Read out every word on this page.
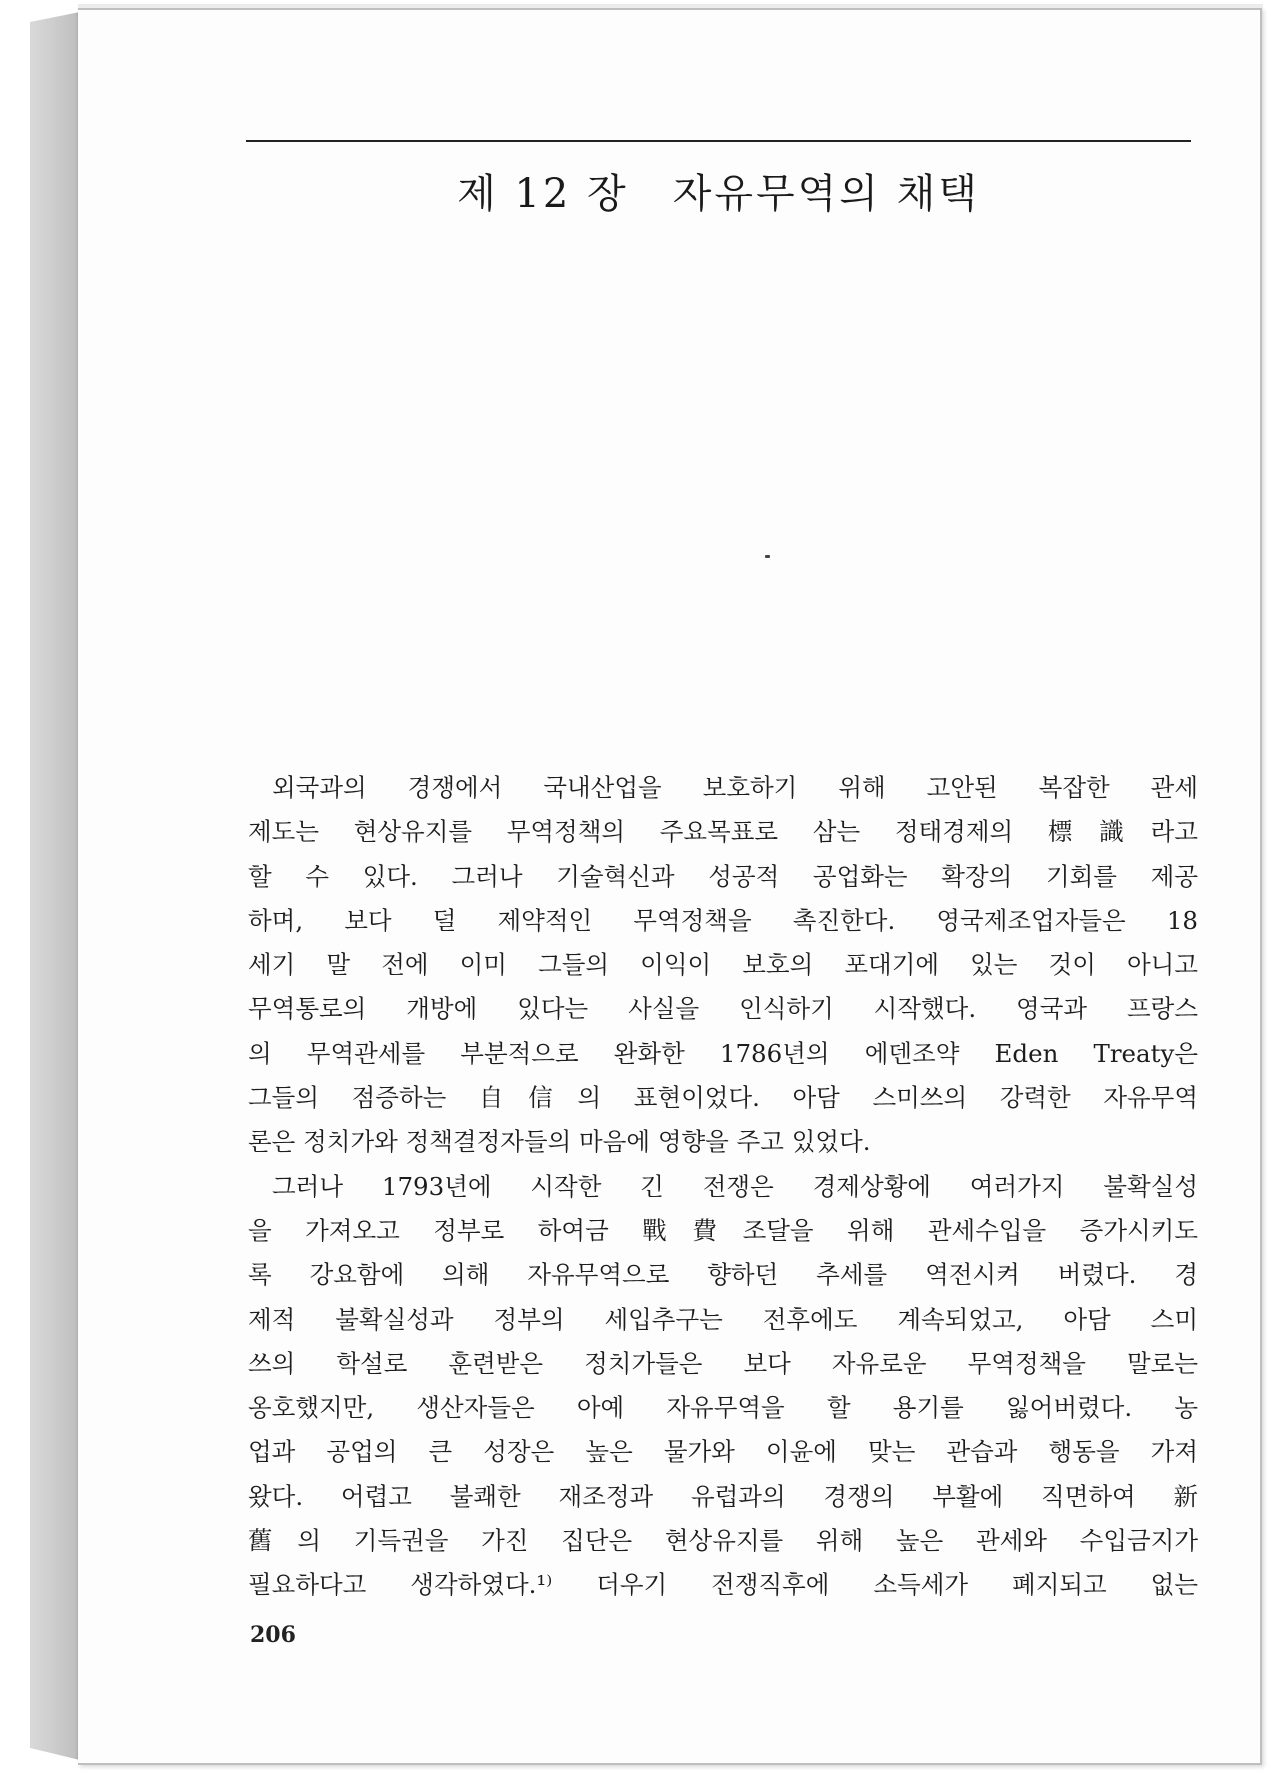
제 12 장 자유무역의 채택
외국과의 경쟁에서 국내산업을 보호하기 위해 고안된 복잡한 관세
제도는 현상유지를 무역정책의 주요목표로 삼는 정태경제의 標識라고
할 수 있다. 그러나 기술혁신과 성공적 공업화는 확장의 기회를 제공
하며, 보다 덜 제약적인 무역정책을 촉진한다. 영국제조업자들은 18
세기 말 전에 이미 그들의 이익이 보호의 포대기에 있는 것이 아니고
무역통로의 개방에 있다는 사실을 인식하기 시작했다. 영국과 프랑스
의 무역관세를 부분적으로 완화한 1786년의 에덴조약 Eden Treaty은
그들의 점증하는 自信의 표현이었다. 아담 스미쓰의 강력한 자유무역
론은 정치가와 정책결정자들의 마음에 영향을 주고 있었다.
그러나 1793년에 시작한 긴 전쟁은 경제상황에 여러가지 불확실성
을 가져오고 정부로 하여금 戰費조달을 위해 관세수입을 증가시키도
록 강요함에 의해 자유무역으로 향하던 추세를 역전시켜 버렸다. 경
제적 불확실성과 정부의 세입추구는 전후에도 계속되었고, 아담 스미
쓰의 학설로 훈련받은 정치가들은 보다 자유로운 무역정책을 말로는
옹호했지만, 생산자들은 아예 자유무역을 할 용기를 잃어버렸다. 농
업과 공업의 큰 성장은 높은 물가와 이윤에 맞는 관습과 행동을 가져
왔다. 어렵고 불쾌한 재조정과 유럽과의 경쟁의 부활에 직면하여 新
舊의 기득권을 가진 집단은 현상유지를 위해 높은 관세와 수입금지가
필요하다고 생각하였다.¹⁾ 더우기 전쟁직후에 소득세가 폐지되고 없는
206
